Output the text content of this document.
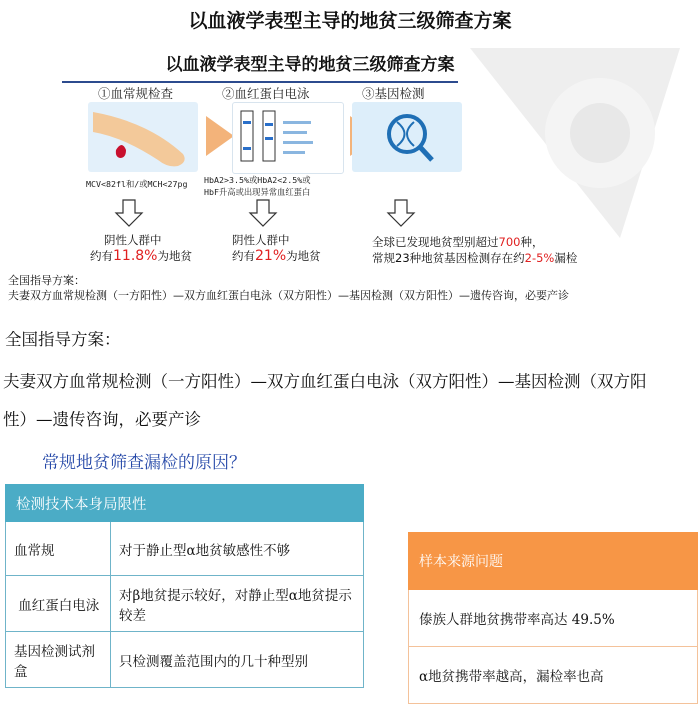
以血液学表型主导的地贫三级筛查方案
以血液学表型主导的地贫三级筛查方案
①血常规检查
MCV<82fl和/或MCH<27pg
②血红蛋白电泳
HbA2>3.5%或HbA2<2.5%或
HbF升高或出现异常血红蛋白
③基因检测
阴性人群中
约有11.8%为地贫
阴性人群中
约有21%为地贫
全球已发现地贫型别超过700种，
常规23种地贫基因检测存在约2-5%漏检
全国指导方案：
夫妻双方血常规检测（一方阳性）—双方血红蛋白电泳（双方阳性）—基因检测（双方阳性）—遗传咨询，必要产诊
全国指导方案：
夫妻双方血常规检测（一方阳性）—双方血红蛋白电泳（双方阳性）—基因检测（双方阳
性）—遗传咨询，必要产诊
常规地贫筛查漏检的原因？
检测技术本身局限性	
血常规	对于静止型α地贫敏感性不够
血红蛋白电泳	对β地贫提示较好，对静止型α地贫提示较差
基因检测试剂盒	只检测覆盖范围内的几十种型别
样本来源问题
傣族人群地贫携带率高达 49.5%
α地贫携带率越高，漏检率也高
